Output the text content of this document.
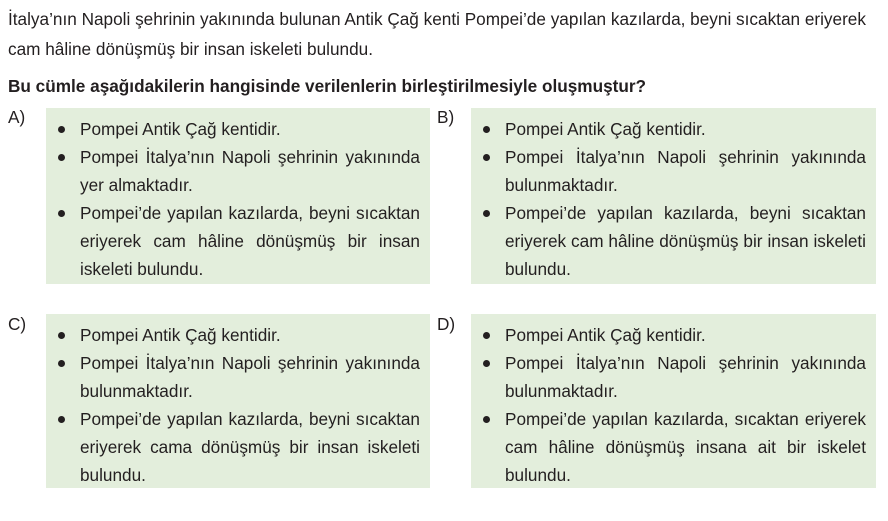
İtalya’nın Napoli şehrinin yakınında bulunan Antik Çağ kenti Pompei’de yapılan kazılarda, beyni sıcaktan eriyerek cam hâline dönüşmüş bir insan iskeleti bulundu.

Bu cümle aşağıdakilerin hangisinde verilenlerin birleştirilmesiyle oluşmuştur?

A)
Pompei Antik Çağ kentidir.
Pompei İtalya’nın Napoli şehrinin yakınında yer almaktadır.
Pompei’de yapılan kazılarda, beyni sıcaktan eriyerek cam hâline dönüşmüş bir insan iskeleti bulundu.
B)
Pompei Antik Çağ kentidir.
Pompei İtalya’nın Napoli şehrinin yakınında bulunmaktadır.
Pompei’de yapılan kazılarda, beyni sıcaktan eriyerek cam hâline dönüşmüş bir insan iskeleti bulundu.
C)
Pompei Antik Çağ kentidir.
Pompei İtalya’nın Napoli şehrinin yakınında bulunmaktadır.
Pompei’de yapılan kazılarda, beyni sıcaktan eriyerek cama dönüşmüş bir insan iskeleti bulundu.
D)
Pompei Antik Çağ kentidir.
Pompei İtalya’nın Napoli şehrinin yakınında bulunmaktadır.
Pompei’de yapılan kazılarda, sıcaktan eriyerek cam hâline dönüşmüş insana ait bir iskelet bulundu.
